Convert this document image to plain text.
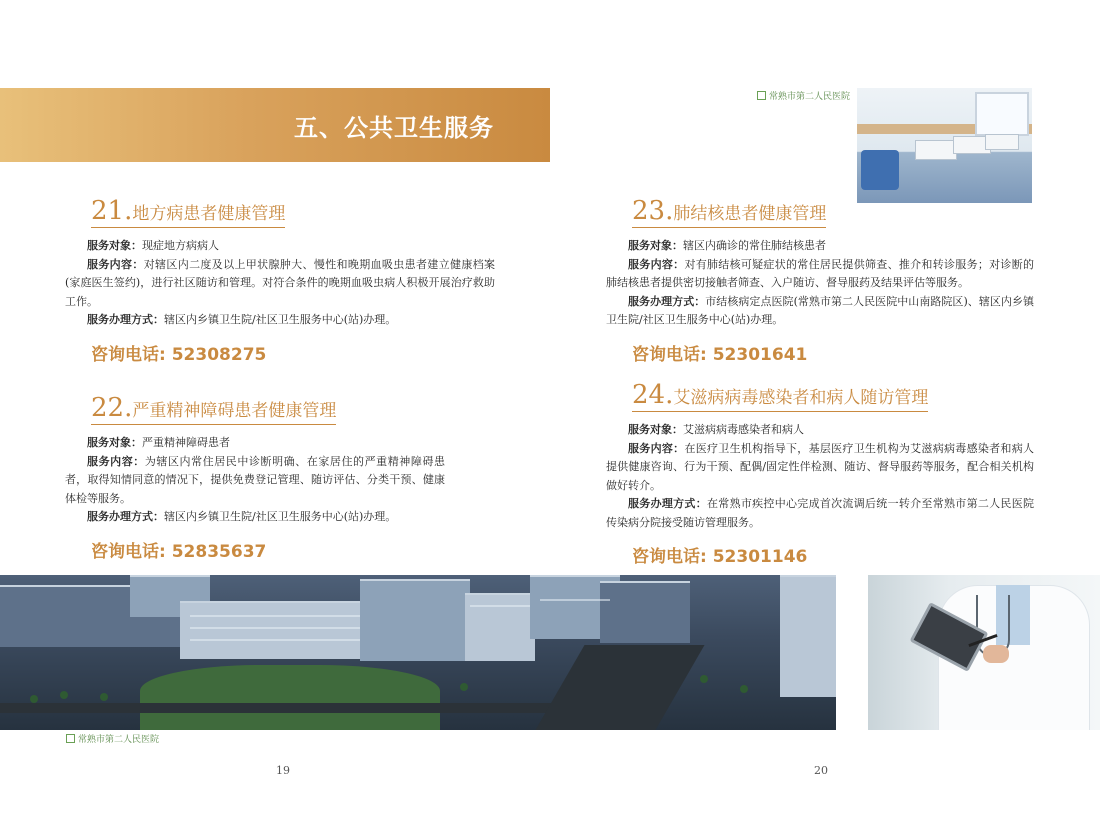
五、公共卫生服务
常熟市第二人民医院
21.地方病患者健康管理

服务对象：现症地方病病人

服务内容：对辖区内二度及以上甲状腺肿大、慢性和晚期血吸虫患者建立健康档案(家庭医生签约)，进行社区随访和管理。对符合条件的晚期血吸虫病人积极开展治疗救助工作。

服务办理方式：辖区内乡镇卫生院/社区卫生服务中心(站)办理。

咨询电话: 52308275
22.严重精神障碍患者健康管理

服务对象：严重精神障碍患者

服务内容：为辖区内常住居民中诊断明确、在家居住的严重精神障碍患者，取得知情同意的情况下，提供免费登记管理、随访评估、分类干预、健康体检等服务。

服务办理方式：辖区内乡镇卫生院/社区卫生服务中心(站)办理。

咨询电话: 52835637
23.肺结核患者健康管理

服务对象：辖区内确诊的常住肺结核患者

服务内容：对有肺结核可疑症状的常住居民提供筛查、推介和转诊服务；对诊断的肺结核患者提供密切接触者筛查、入户随访、督导服药及结果评估等服务。

服务办理方式：市结核病定点医院(常熟市第二人民医院中山南路院区)、辖区内乡镇卫生院/社区卫生服务中心(站)办理。

咨询电话: 52301641
24.艾滋病病毒感染者和病人随访管理

服务对象：艾滋病病毒感染者和病人

服务内容：在医疗卫生机构指导下，基层医疗卫生机构为艾滋病病毒感染者和病人提供健康咨询、行为干预、配偶/固定性伴检测、随访、督导服药等服务，配合相关机构做好转介。

服务办理方式：在常熟市疾控中心完成首次流调后统一转介至常熟市第二人民医院传染病分院接受随访管理服务。

咨询电话: 52301146
常熟市第二人民医院
19	20
